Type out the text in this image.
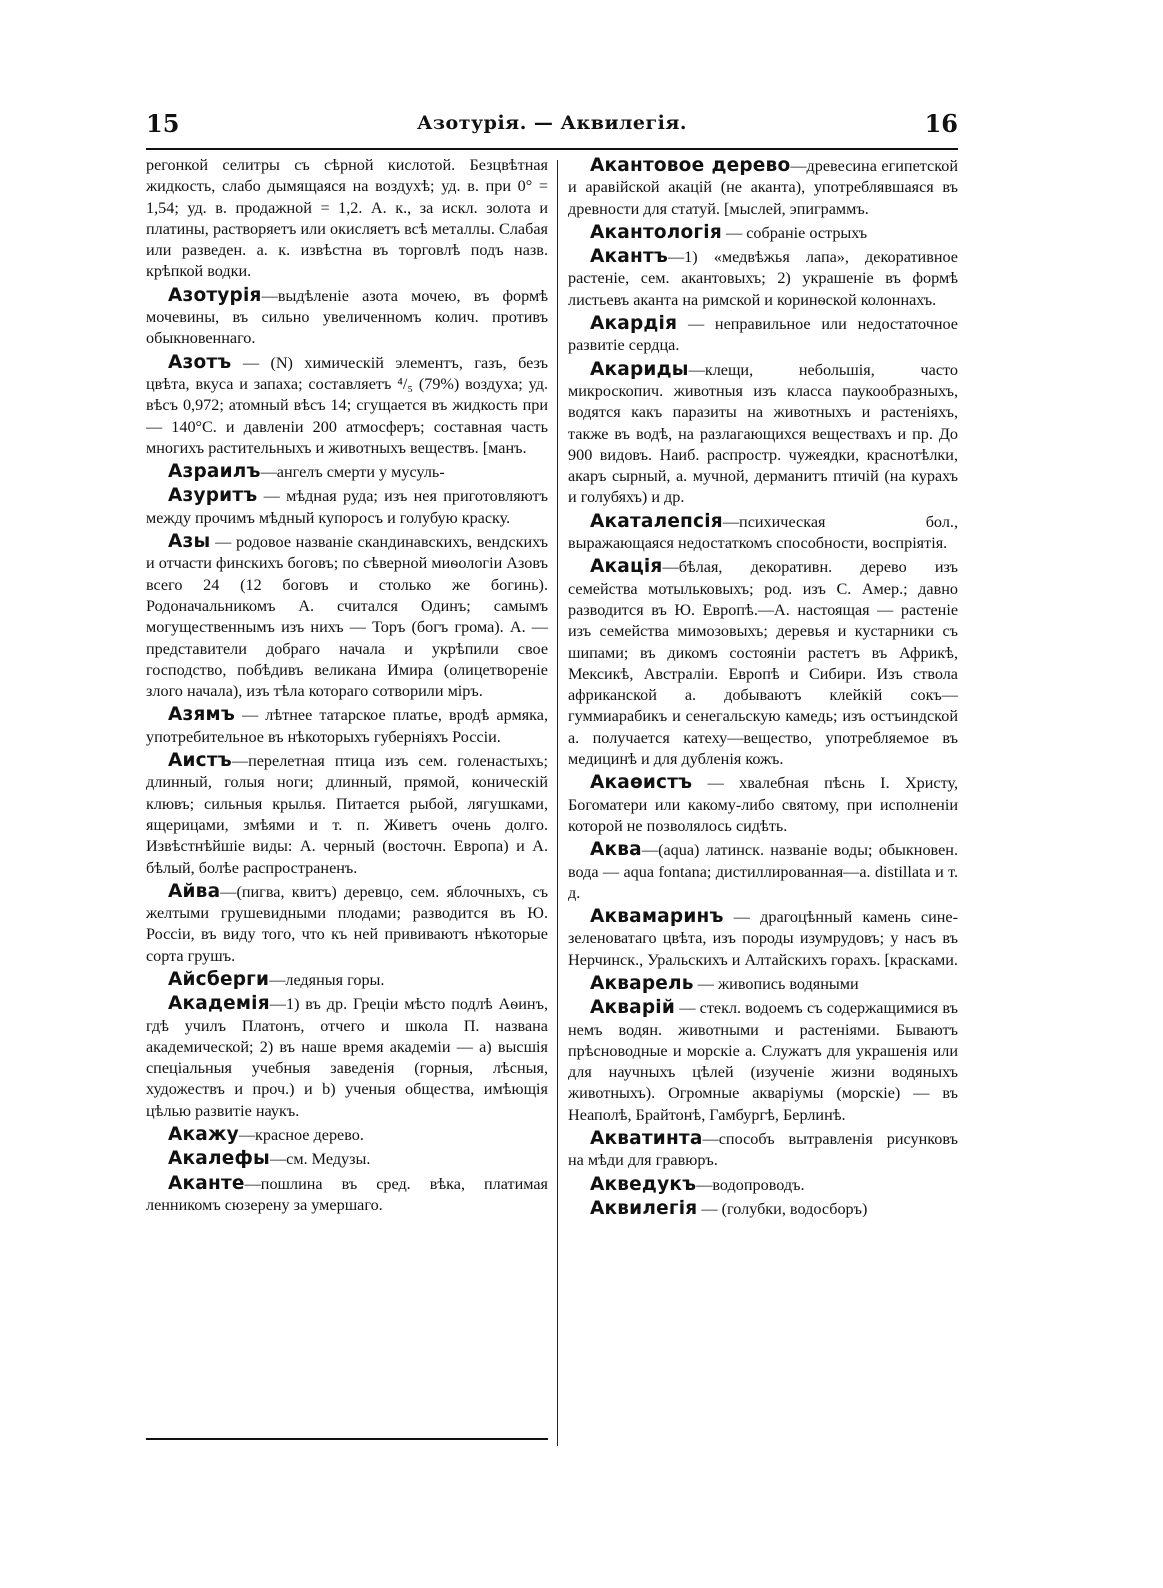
15	Азотурія. — Аквилегія.	16

регонкой селитры съ сѣрной кислотой. Безцвѣтная жидкость, слабо дымящаяся на воздухѣ; уд. в. при 0° = 1,54; уд. в. продажной = 1,2. А. к., за искл. золота и платины, растворяетъ или окисляетъ всѣ металлы. Слабая или разведен. а. к. извѣстна въ торговлѣ подъ назв. крѣпкой водки.

Азотурія—выдѣленіе азота мочею, въ формѣ мочевины, въ сильно увеличенномъ колич. противъ обыкновеннаго.

Азотъ — (N) химическій элементъ, газъ, безъ цвѣта, вкуса и запаха; составляетъ ⁴/₅ (79%) воздуха; уд. вѣсъ 0,972; атомный вѣсъ 14; сгущается въ жидкость при — 140°С. и давленіи 200 атмосферъ; составная часть многихъ растительныхъ и животныхъ веществъ. [манъ.

Азраилъ—ангелъ смерти у мусуль-

Азуритъ — мѣдная руда; изъ нея приготовляютъ между прочимъ мѣдный купоросъ и голубую краску.

Азы — родовое названіе скандинавскихъ, вендскихъ и отчасти финскихъ боговъ; по сѣверной миѳологіи Азовъ всего 24 (12 боговъ и столько же богинь). Родоначальникомъ А. считался Одинъ; самымъ могущественнымъ изъ нихъ — Торъ (богъ грома). А. — представители добраго начала и укрѣпили свое господство, побѣдивъ великана Имира (олицетвореніе злого начала), изъ тѣла котораго сотворили міръ.

Азямъ — лѣтнее татарское платье, вродѣ армяка, употребительное въ нѣкоторыхъ губерніяхъ Россіи.

Аистъ—перелетная птица изъ сем. голенастыхъ; длинный, голыя ноги; длинный, прямой, коническій клювъ; сильныя крылья. Питается рыбой, лягушками, ящерицами, змѣями и т. п. Живетъ очень долго. Извѣстнѣйшіе виды: А. черный (восточн. Европа) и А. бѣлый, болѣе распространенъ.

Айва—(пигва, квитъ) деревцо, сем. яблочныхъ, съ желтыми грушевидными плодами; разводится въ Ю. Россіи, въ виду того, что къ ней прививаютъ нѣкоторые сорта грушъ.

Айсберги—ледяныя горы.

Академія—1) въ др. Греціи мѣсто подлѣ Аѳинъ, гдѣ училъ Платонъ, отчего и школа П. названа академической; 2) въ наше время академіи — а) высшія спеціальныя учебныя заведенія (горныя, лѣсныя, художествъ и проч.) и b) ученыя общества, имѣющія цѣлью развитіе наукъ.

Акажу—красное дерево.

Акалефы—см. Медузы.

Аканте—пошлина въ сред. вѣка, платимая ленникомъ сюзерену за умершаго.

Акантовое дерево—древесина египетской и аравійской акацій (не аканта), употреблявшаяся въ древности для статуй. [мыслей, эпиграммъ.

Акантологія — собраніе острыхъ

Акантъ—1) «медвѣжья лапа», декоративное растеніе, сем. акантовыхъ; 2) украшеніе въ формѣ листьевъ аканта на римской и коринѳской колоннахъ.

Акардія — неправильное или недостаточное развитіе сердца.

Акариды—клещи, небольшія, часто микроскопич. животныя изъ класса паукообразныхъ, водятся какъ паразиты на животныхъ и растеніяхъ, также въ водѣ, на разлагающихся веществахъ и пр. До 900 видовъ. Наиб. распростр. чужеядки, краснотѣлки, акаръ сырный, а. мучной, дерманитъ птичій (на курахъ и голубяхъ) и др.

Акаталепсія—психическая бол., выражающаяся недостаткомъ способности, воспріятія.

Акація—бѣлая, декоративн. дерево изъ семейства мотыльковыхъ; род. изъ С. Амер.; давно разводится въ Ю. Европѣ.—А. настоящая — растеніе изъ семейства мимозовыхъ; деревья и кустарники съ шипами; въ дикомъ состояніи растетъ въ Африкѣ, Мексикѣ, Австраліи. Европѣ и Сибири. Изъ ствола африканской а. добываютъ клейкій сокъ—гуммиарабикъ и сенегальскую камедь; изъ остъиндской а. получается катеху—вещество, употребляемое въ медицинѣ и для дубленія кожъ.

Акаѳистъ — хвалебная пѣснь І. Христу, Богоматери или какому-либо святому, при исполненіи которой не позволялось сидѣть.

Аква—(aqua) латинск. названіе воды; обыкновен. вода — aqua fontana; дистиллированная—a. distillata и т. д.

Аквамаринъ — драгоцѣнный камень сине-зеленоватаго цвѣта, изъ породы изумрудовъ; у насъ въ Нерчинск., Уральскихъ и Алтайскихъ горахъ. [красками.

Акварель — живопись водяными

Акварій — стекл. водоемъ съ содержащимися въ немъ водян. животными и растеніями. Бываютъ прѣсноводные и морскіе а. Служатъ для украшенія или для научныхъ цѣлей (изученіе жизни водяныхъ животныхъ). Огромные акваріумы (морскіе) — въ Неаполѣ, Брайтонѣ, Гамбургѣ, Берлинѣ.

Акватинта—способъ вытравленія рисунковъ на мѣди для гравюръ.

Акведукъ—водопроводъ.

Аквилегія — (голубки, водосборъ)
